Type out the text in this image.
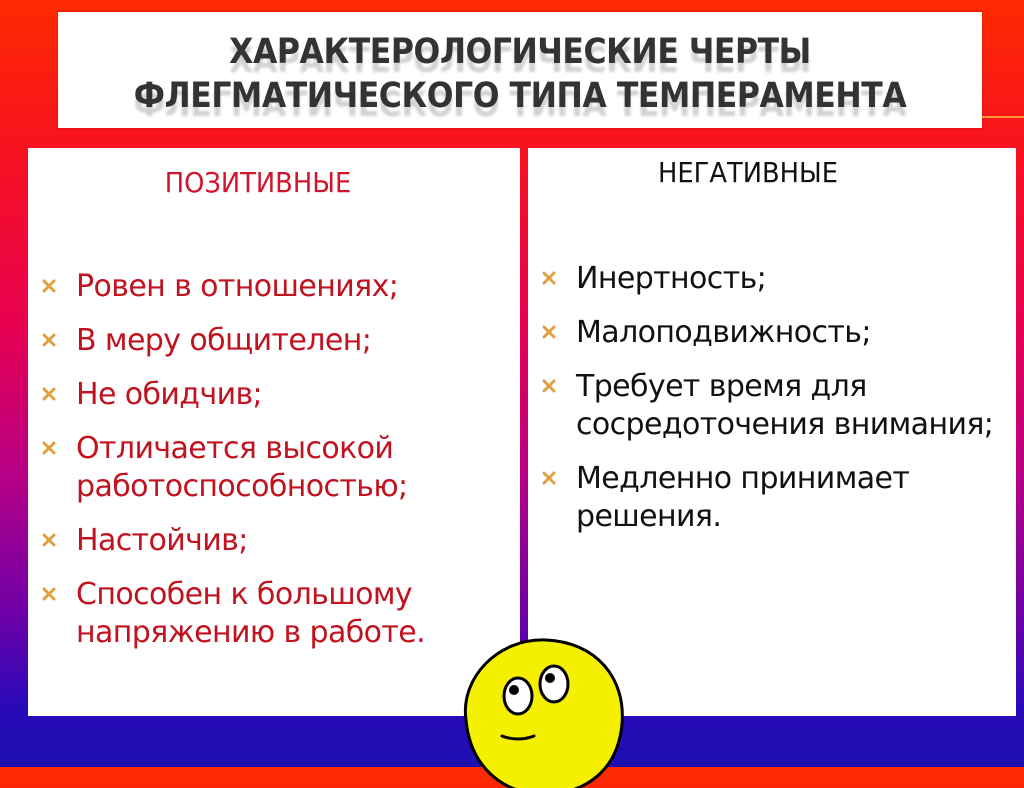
ХАРАКТЕРОЛОГИЧЕСКИЕ ЧЕРТЫ
ФЛЕГМАТИЧЕСКОГО ТИПА ТЕМПЕРАМЕНТА
ПОЗИТИВНЫЕ
Ровен в отношениях;
В меру общителен;
Не обидчив;
Отличается высокой работоспособностью;
Настойчив;
Способен к большому напряжению в работе.
НЕГАТИВНЫЕ
Инертность;
Малоподвижность;
Требует время для сосредоточения внимания;
Медленно принимает решения.
